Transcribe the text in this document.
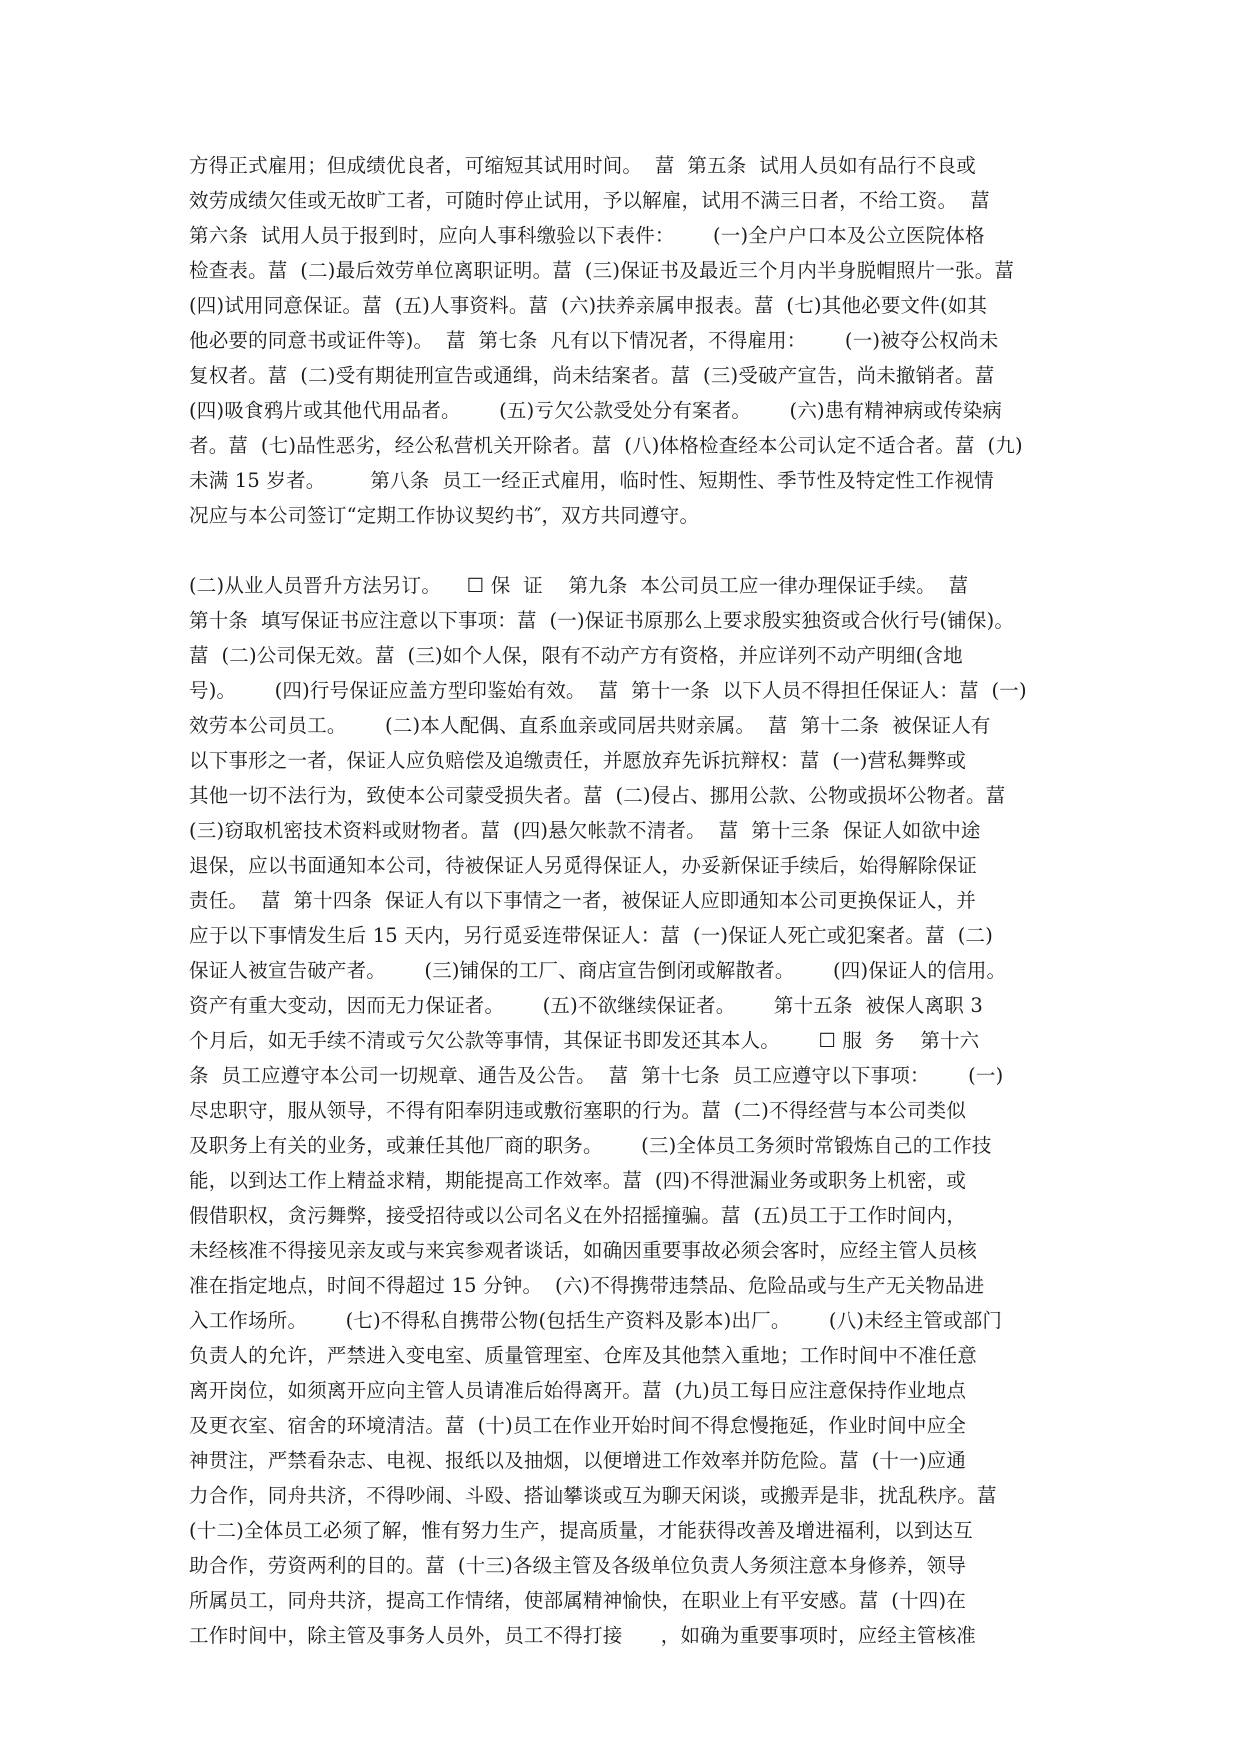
方得正式雇用；但成绩优良者，可缩短其试用时间。  葍  第五条  试用人员如有品行不良或
效劳成绩欠佳或无故旷工者，可随时停止试用，予以解雇，试用不满三日者，不给工资。  葍
第六条  试用人员于报到时，应向人事科缴验以下表件：      (一)全户户口本及公立医院体格
检查表。葍  (二)最后效劳单位离职证明。葍  (三)保证书及最近三个月内半身脱帽照片一张。葍
(四)试用同意保证。葍  (五)人事资料。葍  (六)扶养亲属申报表。葍  (七)其他必要文件(如其
他必要的同意书或证件等)。  葍  第七条  凡有以下情况者，不得雇用：      (一)被夺公权尚未
复权者。葍  (二)受有期徒刑宣告或通缉，尚未结案者。葍  (三)受破产宣告，尚未撤销者。葍
(四)吸食鸦片或其他代用品者。      (五)亏欠公款受处分有案者。      (六)患有精神病或传染病
者。葍  (七)品性恶劣，经公私营机关开除者。葍  (八)体格检查经本公司认定不适合者。葍  (九)
未满 15 岁者。       第八条  员工一经正式雇用，临时性、短期性、季节性及特定性工作视情
况应与本公司签订“定期工作协议契约书″，双方共同遵守。
(二)从业人员晋升方法另订。    ☐ 保  证    第九条  本公司员工应一律办理保证手续。  葍
第十条  填写保证书应注意以下事项：葍  (一)保证书原那么上要求殷实独资或合伙行号(铺保)。
葍  (二)公司保无效。葍  (三)如个人保，限有不动产方有资格，并应详列不动产明细(含地
号)。      (四)行号保证应盖方型印鉴始有效。  葍  第十一条  以下人员不得担任保证人：葍  (一)
效劳本公司员工。      (二)本人配偶、直系血亲或同居共财亲属。  葍  第十二条  被保证人有
以下事形之一者，保证人应负赔偿及追缴责任，并愿放弃先诉抗辩权：葍  (一)营私舞弊或
其他一切不法行为，致使本公司蒙受损失者。葍  (二)侵占、挪用公款、公物或损坏公物者。葍
(三)窃取机密技术资料或财物者。葍  (四)悬欠帐款不清者。  葍  第十三条  保证人如欲中途
退保，应以书面通知本公司，待被保证人另觅得保证人，办妥新保证手续后，始得解除保证
责任。  葍  第十四条  保证人有以下事情之一者，被保证人应即通知本公司更换保证人，并
应于以下事情发生后 15 天内，另行觅妥连带保证人：葍  (一)保证人死亡或犯案者。葍  (二)
保证人被宣告破产者。      (三)铺保的工厂、商店宣告倒闭或解散者。      (四)保证人的信用。
资产有重大变动，因而无力保证者。      (五)不欲继续保证者。      第十五条  被保人离职 3
个月后，如无手续不清或亏欠公款等事情，其保证书即发还其本人。      ☐ 服  务    第十六
条  员工应遵守本公司一切规章、通告及公告。  葍  第十七条  员工应遵守以下事项：      (一)
尽忠职守，服从领导，不得有阳奉阴违或敷衍塞职的行为。葍  (二)不得经营与本公司类似
及职务上有关的业务，或兼任其他厂商的职务。      (三)全体员工务须时常锻炼自己的工作技
能，以到达工作上精益求精，期能提高工作效率。葍  (四)不得泄漏业务或职务上机密，或
假借职权，贪污舞弊，接受招待或以公司名义在外招摇撞骗。葍  (五)员工于工作时间内，
未经核准不得接见亲友或与来宾参观者谈话，如确因重要事故必须会客时，应经主管人员核
准在指定地点，时间不得超过 15 分钟。  (六)不得携带违禁品、危险品或与生产无关物品进
入工作场所。      (七)不得私自携带公物(包括生产资料及影本)出厂。      (八)未经主管或部门
负责人的允许，严禁进入变电室、质量管理室、仓库及其他禁入重地；工作时间中不准任意
离开岗位，如须离开应向主管人员请准后始得离开。葍  (九)员工每日应注意保持作业地点
及更衣室、宿舍的环境清洁。葍  (十)员工在作业开始时间不得怠慢拖延，作业时间中应全
神贯注，严禁看杂志、电视、报纸以及抽烟，以便增进工作效率并防危险。葍  (十一)应通
力合作，同舟共济，不得吵闹、斗殴、搭讪攀谈或互为聊天闲谈，或搬弄是非，扰乱秩序。葍
(十二)全体员工必须了解，惟有努力生产，提高质量，才能获得改善及增进福利，以到达互
助合作，劳资两利的目的。葍  (十三)各级主管及各级单位负责人务须注意本身修养，领导
所属员工，同舟共济，提高工作情绪，使部属精神愉快，在职业上有平安感。葍  (十四)在
工作时间中，除主管及事务人员外，员工不得打接      ，如确为重要事项时，应经主管核准
